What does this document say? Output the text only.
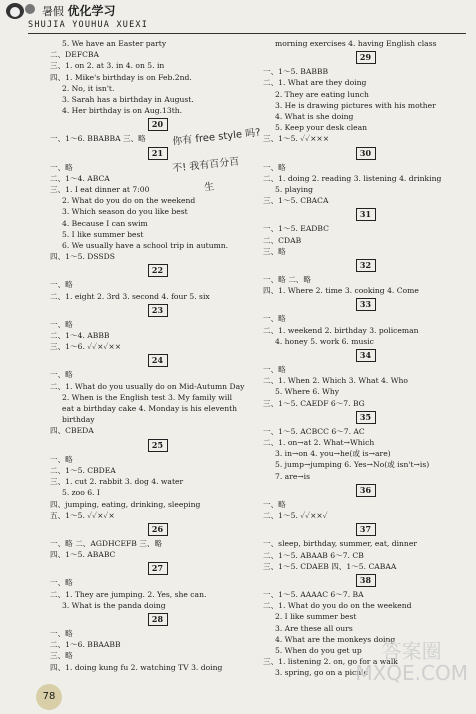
暑假 优化学习
SHUJIA YOUHUA XUEXI
5. We have an Easter party
二、DEFCBA
三、1. on 2. at 3. in 4. on 5. in
四、1. Mike's birthday is on Feb.2nd.
2. No, it isn't.
3. Sarah has a birthday in August.
4. Her birthday is on Aug.13th.
20
一、1～6. BBABBA 三、略
21
一、略
二、1～4. ABCA
三、1. I eat dinner at 7:00
2. What do you do on the weekend
3. Which season do you like best
4. Because I can swim
5. I like summer best
6. We usually have a school trip in autumn.
四、1～5. DSSDS
22
一、略
二、1. eight 2. 3rd 3. second 4. four 5. six
23
一、略
二、1～4. ABBB
三、1～6. ✓✓×✓××
24
一、略
二、1. What do you usually do on Mid-Autumn Day
2. When is the English test 3. My family will
eat a birthday cake 4. Monday is his eleventh
birthday
四、CBEDA
25
一、略
二、1～5. CBDEA
三、1. cut 2. rabbit 3. dog 4. water
5. zoo 6. I
四、jumping, eating, drinking, sleeping
五、1～5. ✓✓×✓×
26
一、略 二、AGDHCEFB 三、略
四、1～5. ABABC
27
一、略
二、1. They are jumping. 2. Yes, she can.
3. What is the panda doing
28
一、略
二、1～6. BBAABB
三、略
四、1. doing kung fu 2. watching TV 3. doing
morning exercises 4. having English class
29
一、1～5. BABBB
二、1. What are they doing
2. They are eating lunch
3. He is drawing pictures with his mother
4. What is she doing
5. Keep your desk clean
三、1～5. ✓✓×××
30
一、略
二、1. doing 2. reading 3. listening 4. drinking
5. playing
三、1～5. CBACA
31
一、1～5. EADBC
二、CDAB
三、略
32
一、略 二、略
四、1. Where 2. time 3. cooking 4. Come
33
一、略
二、1. weekend 2. birthday 3. policeman
4. honey 5. work 6. music
34
一、略
二、1. When 2. Which 3. What 4. Who
5. Where 6. Why
三、1～5. CAEDF 6～7. BG
35
一、1～5. ACBCC 6～7. AC
二、1. on→at 2. What→Which
3. in→on 4. you→he(或 is→are)
5. jump→jumping 6. Yes→No(或 isn't→is)
7. are→is
36
一、略
二、1～5. ✓✓××✓
37
一、sleep, birthday, summer, eat, dinner
二、1～5. ABAAB 6～7. CB
三、1～5. CDAEB 四、1～5. CABAA
38
一、1～5. AAAAC 6～7. BA
二、1. What do you do on the weekend
2. I like summer best
3. Are these all ours
4. What are the monkeys doing
5. When do you get up
三、1. listening 2. on, go for a walk
3. spring, go on a picnic
你有 free style 吗?
不! 我有百分百
生
78
答案圈
MXQE.COM
